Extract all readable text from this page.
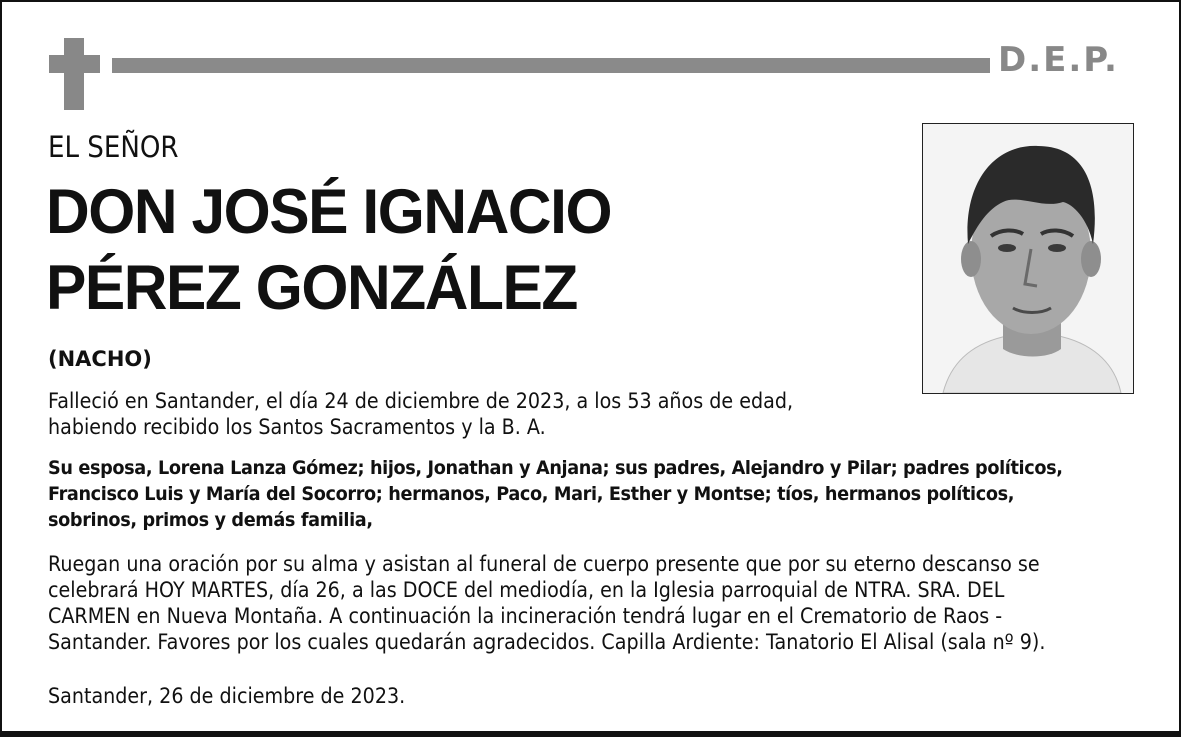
D.E.P.
EL SEÑOR
DON JOSÉ IGNACIO
PÉREZ GONZÁLEZ
(NACHO)
Falleció en Santander, el día 24 de diciembre de 2023, a los 53 años de edad,
habiendo recibido los Santos Sacramentos y la B. A.
Su esposa, Lorena Lanza Gómez; hijos, Jonathan y Anjana; sus padres, Alejandro y Pilar; padres políticos,
Francisco Luis y María del Socorro; hermanos, Paco, Mari, Esther y Montse; tíos, hermanos políticos,
sobrinos, primos y demás familia,
Ruegan una oración por su alma y asistan al funeral de cuerpo presente que por su eterno descanso se
celebrará HOY MARTES, día 26, a las DOCE del mediodía, en la Iglesia parroquial de NTRA. SRA. DEL
CARMEN en Nueva Montaña. A continuación la incineración tendrá lugar en el Crematorio de Raos -
Santander. Favores por los cuales quedarán agradecidos. Capilla Ardiente: Tanatorio El Alisal (sala nº 9).
Santander, 26 de diciembre de 2023.
